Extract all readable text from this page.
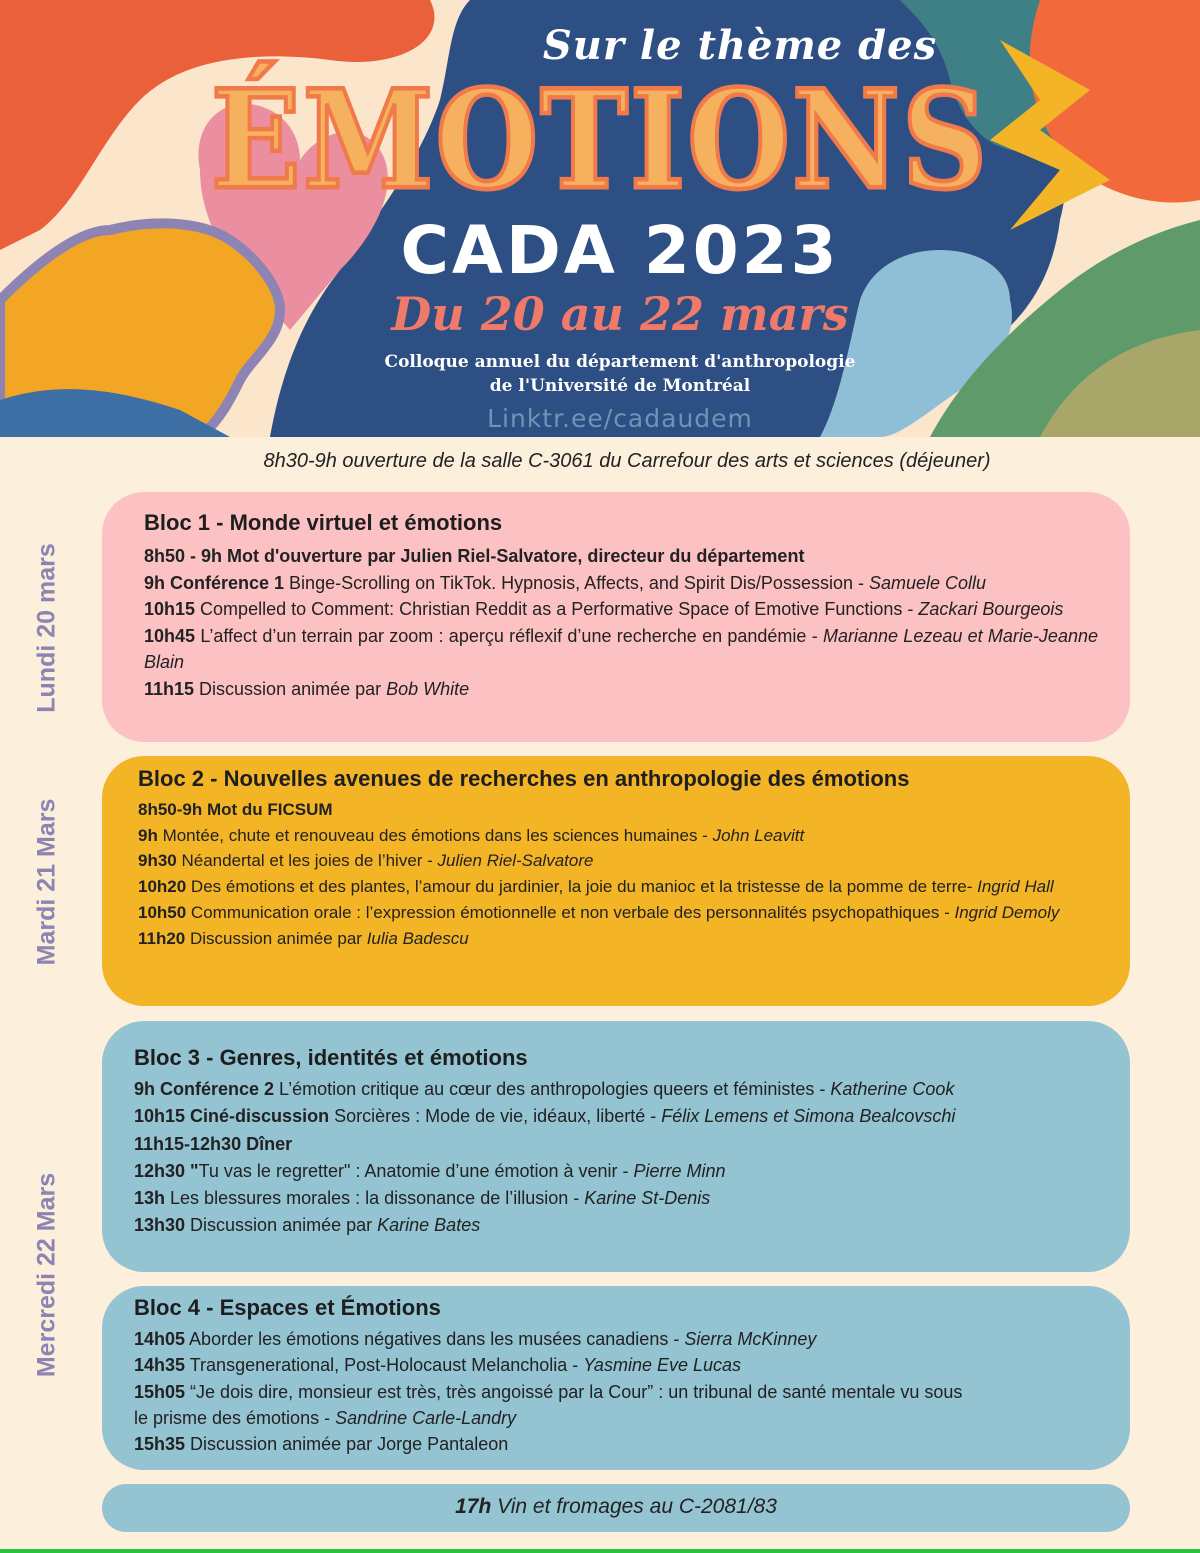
Sur le thème des
ÉMOTIONS
CADA 2023
Du 20 au 22 mars
Colloque annuel du département d'anthropologie
de l'Université de Montréal
Linktr.ee/cadaudem
8h30-9h ouverture de la salle C-3061 du Carrefour des arts et sciences (déjeuner)
Lundi 20 mars
Mardi 21 Mars
Mercredi 22 Mars
Bloc 1 - Monde virtuel et émotions
8h50 - 9h Mot d'ouverture par Julien Riel-Salvatore, directeur du département
9h Conférence 1 Binge-Scrolling on TikTok. Hypnosis, Affects, and Spirit Dis/Possession - Samuele Collu
10h15 Compelled to Comment: Christian Reddit as a Performative Space of Emotive Functions - Zackari Bourgeois
10h45 L’affect d’un terrain par zoom : aperçu réflexif d’une recherche en pandémie - Marianne Lezeau et Marie-Jeanne Blain
11h15 Discussion animée par Bob White
Bloc 2 - Nouvelles avenues de recherches en anthropologie des émotions
8h50-9h Mot du FICSUM
9h Montée, chute et renouveau des émotions dans les sciences humaines - John Leavitt
9h30 Néandertal et les joies de l’hiver - Julien Riel-Salvatore
10h20 Des émotions et des plantes, l’amour du jardinier, la joie du manioc et la tristesse de la pomme de terre- Ingrid Hall
10h50 Communication orale : l’expression émotionnelle et non verbale des personnalités psychopathiques - Ingrid Demoly
11h20 Discussion animée par Iulia Badescu
Bloc 3 - Genres, identités et émotions
9h Conférence 2 L’émotion critique au cœur des anthropologies queers et féministes - Katherine Cook
10h15 Ciné-discussion Sorcières : Mode de vie, idéaux, liberté - Félix Lemens et Simona Bealcovschi
11h15-12h30 Dîner
12h30 "Tu vas le regretter" : Anatomie d’une émotion à venir - Pierre Minn
13h Les blessures morales : la dissonance de l’illusion - Karine St-Denis
13h30 Discussion animée par Karine Bates
Bloc 4 - Espaces et Émotions
14h05 Aborder les émotions négatives dans les musées canadiens - Sierra McKinney
14h35 Transgenerational, Post-Holocaust Melancholia - Yasmine Eve Lucas
15h05 “Je dois dire, monsieur est très, très angoissé par la Cour” : un tribunal de santé mentale vu sous le prisme des émotions - Sandrine Carle-Landry
15h35 Discussion animée par Jorge Pantaleon
17h Vin et fromages au C-2081/83
